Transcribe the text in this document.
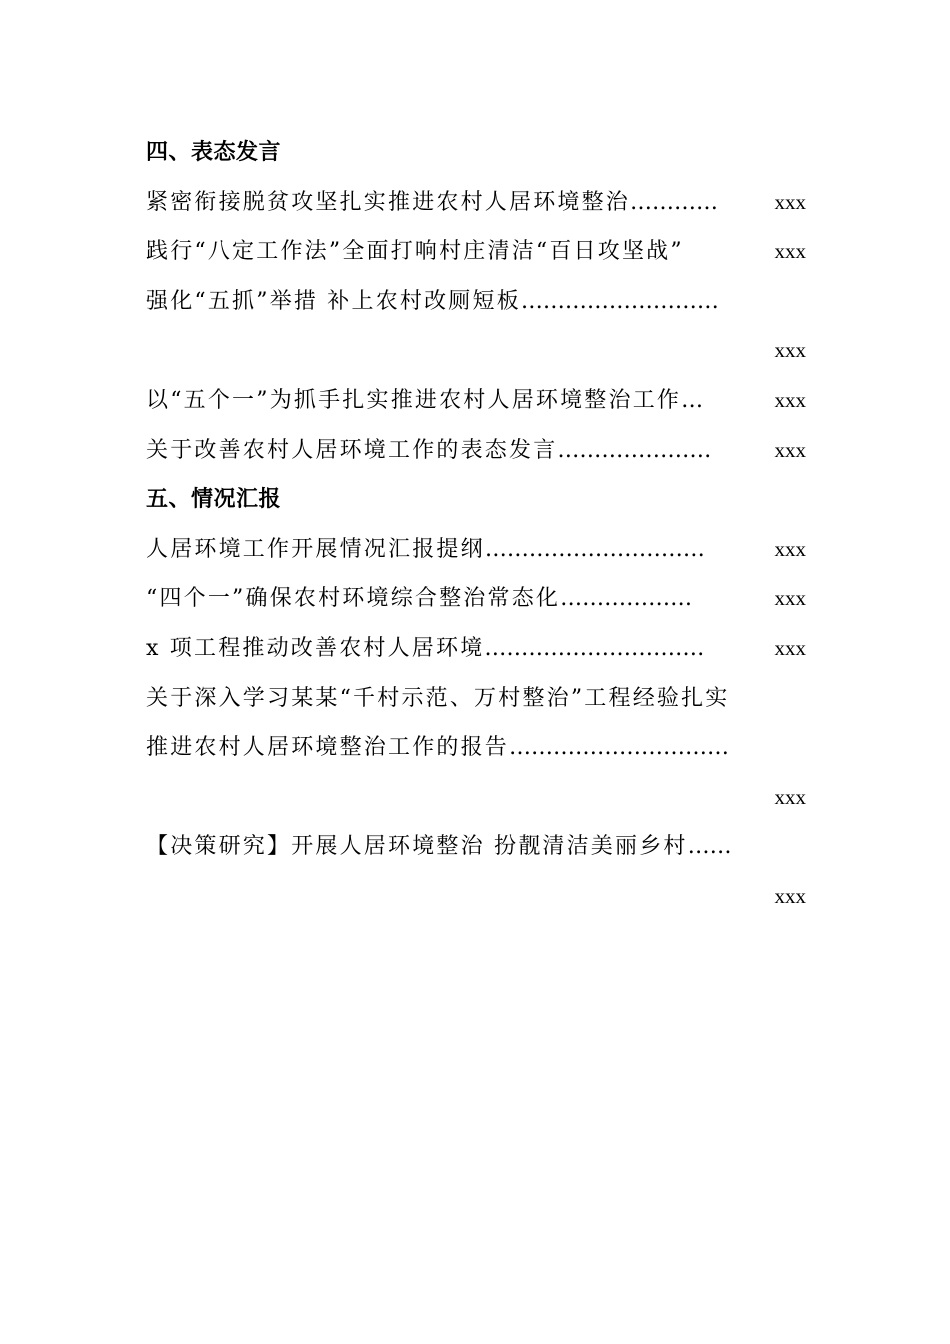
四、表态发言
紧密衔接脱贫攻坚扎实推进农村人居环境整治 …………	xxx
践行“八定工作法”全面打响村庄清洁“百日攻坚战”	xxx
强化“五抓”举措 补上农村改厕短板 ………………………
xxx
以“五个一”为抓手扎实推进农村人居环境整治工作 …	xxx
关于改善农村人居环境工作的表态发言 …………………	xxx
五、情况汇报
人居环境工作开展情况汇报提纲 …………………………	xxx
“四个一”确保农村环境综合整治常态化 ………………	xxx
x 项工程推动改善农村人居环境 …………………………	xxx
关于深入学习某某“千村示范、万村整治”工程经验扎实
推进农村人居环境整治工作的报告 …………………………
xxx
【决策研究】开展人居环境整治 扮靓清洁美丽乡村 ……
xxx
